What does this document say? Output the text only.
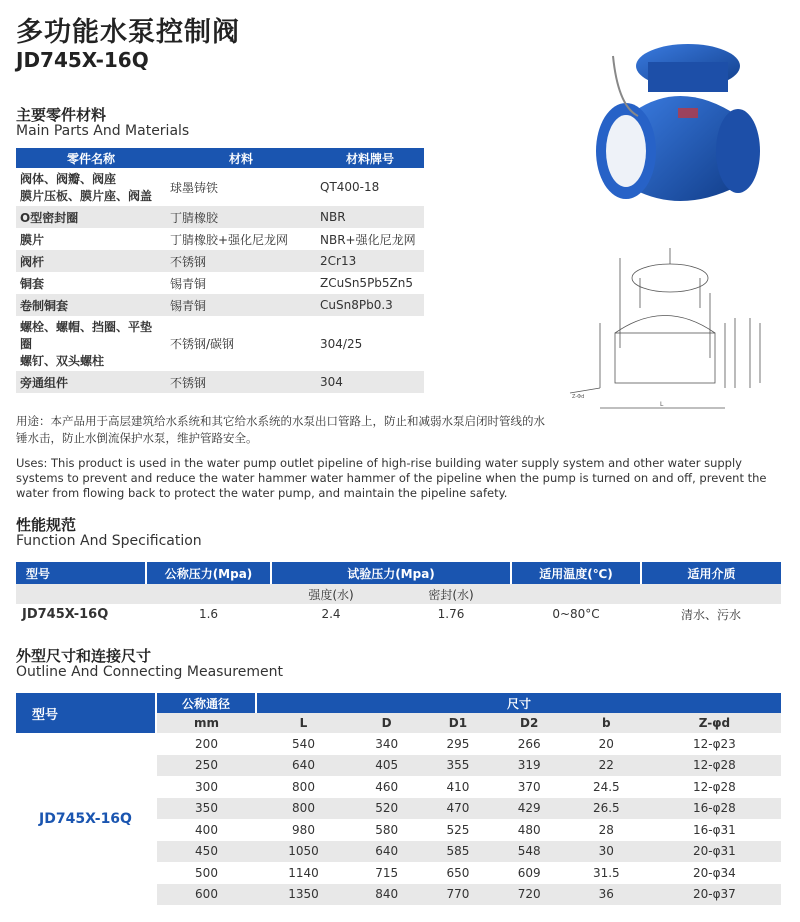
多功能水泵控制阀
JD745X-16Q
Z-Φd
L
主要零件材料
Main Parts And Materials
零件名称	材料	材料牌号
阀体、阀瓣、阀座
膜片压板、膜片座、阀盖	球墨铸铁	QT400-18
O型密封圈	丁腈橡胶	NBR
膜片	丁腈橡胶+强化尼龙网	NBR+强化尼龙网
阀杆	不锈钢	2Cr13
铜套	锡青铜	ZCuSn5Pb5Zn5
卷制铜套	锡青铜	CuSn8Pb0.3
螺栓、螺帽、挡圈、平垫圈
螺钉、双头螺柱	不锈钢/碳钢	304/25
旁通组件	不锈钢	304
用途：本产品用于高层建筑给水系统和其它给水系统的水泵出口管路上，防止和减弱水泵启闭时管线的水锤水击，防止水倒流保护水泵，维护管路安全。
Uses: This product is used in the water pump outlet pipeline of high-rise building water supply system and other water supply systems to prevent and reduce the water hammer water hammer of the pipeline when the pump is turned on and off, prevent the water from flowing back to protect the water pump, and maintain the pipeline safety.
性能规范
Function And Specification
型号	公称压力(Mpa)	试验压力(Mpa)		适用温度(℃)	适用介质
		强度(水)	密封(水)		
JD745X-16Q	1.6	2.4	1.76	0~80°C	清水、污水
外型尺寸和连接尺寸
Outline And Connecting Measurement
型号	公称通径	尺寸					
	mm	L	D	D1	D2	b	Z-φd
JD745X-16Q	200	540	340	295	266	20	12-φ23
	250	640	405	355	319	22	12-φ28
	300	800	460	410	370	24.5	12-φ28
	350	800	520	470	429	26.5	16-φ28
	400	980	580	525	480	28	16-φ31
	450	1050	640	585	548	30	20-φ31
	500	1140	715	650	609	31.5	20-φ34
	600	1350	840	770	720	36	20-φ37
